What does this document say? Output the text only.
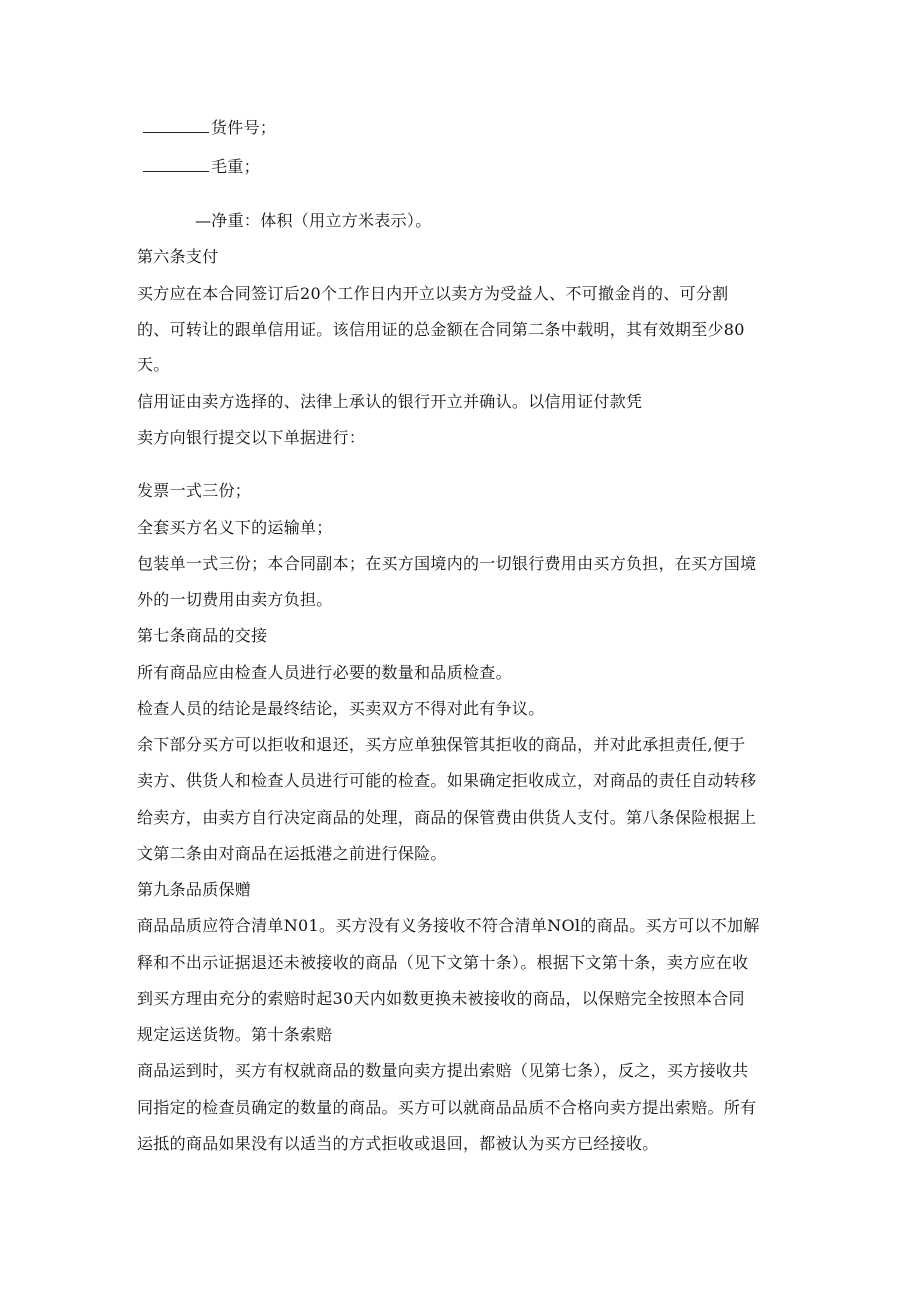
货件号；
毛重；
—净重：体积（用立方米表示）。
第六条支付
买方应在本合同签订后20个工作日内开立以卖方为受益人、不可撤金肖的、可分割
的、可转让的跟单信用证。该信用证的总金额在合同第二条中载明，其有效期至少80
天。
信用证由卖方选择的、法律上承认的银行开立并确认。以信用证付款凭
卖方向银行提交以下单据进行：
发票一式三份；
全套买方名义下的运输单；
包装单一式三份；本合同副本；在买方国境内的一切银行费用由买方负担，在买方国境
外的一切费用由卖方负担。
第七条商品的交接
所有商品应由检查人员进行必要的数量和品质检查。
检查人员的结论是最终结论，买卖双方不得对此有争议。
余下部分买方可以拒收和退还，买方应单独保管其拒收的商品，并对此承担责任,便于
卖方、供货人和检查人员进行可能的检查。如果确定拒收成立，对商品的责任自动转移
给卖方，由卖方自行决定商品的处理，商品的保管费由供货人支付。第八条保险根据上
文第二条由对商品在运抵港之前进行保险。
第九条品质保赠
商品品质应符合清单N01。买方没有义务接收不符合清单NOl的商品。买方可以不加解
释和不出示证据退还未被接收的商品（见下文第十条）。根据下文第十条，卖方应在收
到买方理由充分的索赔时起30天内如数更换未被接收的商品，以保赔完全按照本合同
规定运送货物。第十条索赔
商品运到时，买方有权就商品的数量向卖方提出索赔（见第七条），反之，买方接收共
同指定的检查员确定的数量的商品。买方可以就商品品质不合格向卖方提出索赔。所有
运抵的商品如果没有以适当的方式拒收或退回，都被认为买方已经接收。
